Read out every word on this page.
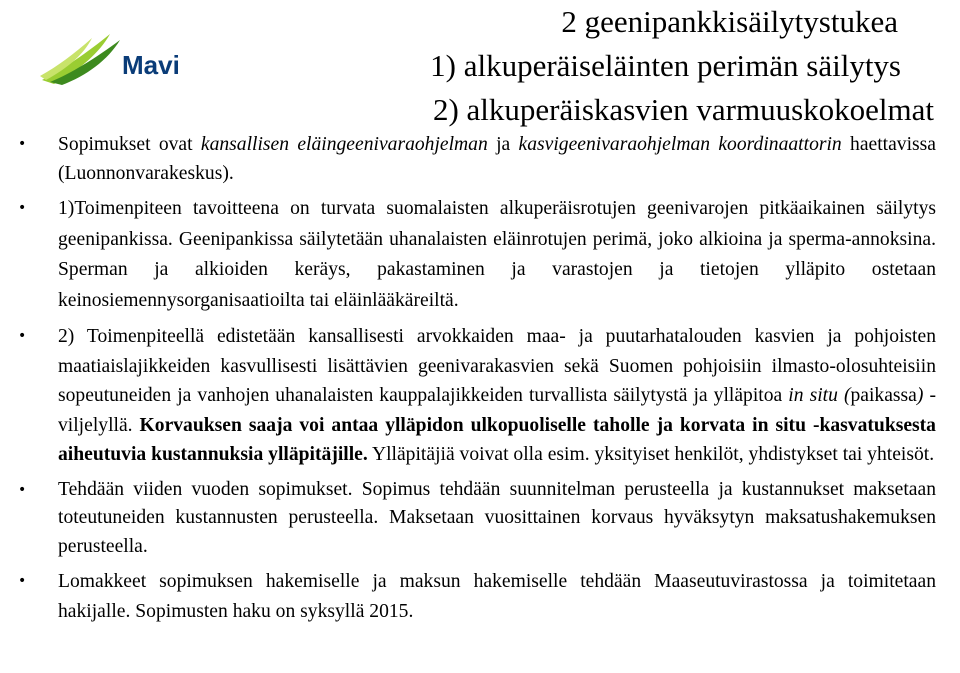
Mavi
2 geenipankkisäilytystukea
1) alkuperäiseläinten perimän säilytys
2) alkuperäiskasvien varmuuskokoelmat
•	Sopimukset ovat kansallisen eläingeenivaraohjelman ja kasvigeenivaraohjelman koordinaattorin haettavissa (Luonnonvarakeskus).
•	1)Toimenpiteen tavoitteena on turvata suomalaisten alkuperäisrotujen geenivarojen pitkäaikainen säilytys geenipankissa. Geenipankissa säilytetään uhanalaisten eläinrotujen perimä, joko alkioina ja sperma-annoksina. Sperman ja alkioiden keräys, pakastaminen ja varastojen ja tietojen ylläpito ostetaan keinosiemennysorganisaatioilta tai eläinlääkäreiltä.
•	2) Toimenpiteellä edistetään kansallisesti arvokkaiden maa- ja puutarhatalouden kasvien ja pohjoisten maatiaislajikkeiden kasvullisesti lisättävien geenivarakasvien sekä Suomen pohjoisiin ilmasto-olosuhteisiin sopeutuneiden ja vanhojen uhanalaisten kauppalajikkeiden turvallista säilytystä ja ylläpitoa in situ (paikassa) -viljelyllä. Korvauksen saaja voi antaa ylläpidon ulkopuoliselle taholle ja korvata in situ -kasvatuksesta aiheutuvia kustannuksia ylläpitäjille. Ylläpitäjiä voivat olla esim. yksityiset henkilöt, yhdistykset tai yhteisöt.
•	Tehdään viiden vuoden sopimukset. Sopimus tehdään suunnitelman perusteella ja kustannukset maksetaan toteutuneiden kustannusten perusteella. Maksetaan vuosittainen korvaus hyväksytyn maksatushakemuksen perusteella.
•	Lomakkeet sopimuksen hakemiselle ja maksun hakemiselle tehdään Maaseutuvirastossa ja toimitetaan hakijalle. Sopimusten haku on syksyllä 2015.
